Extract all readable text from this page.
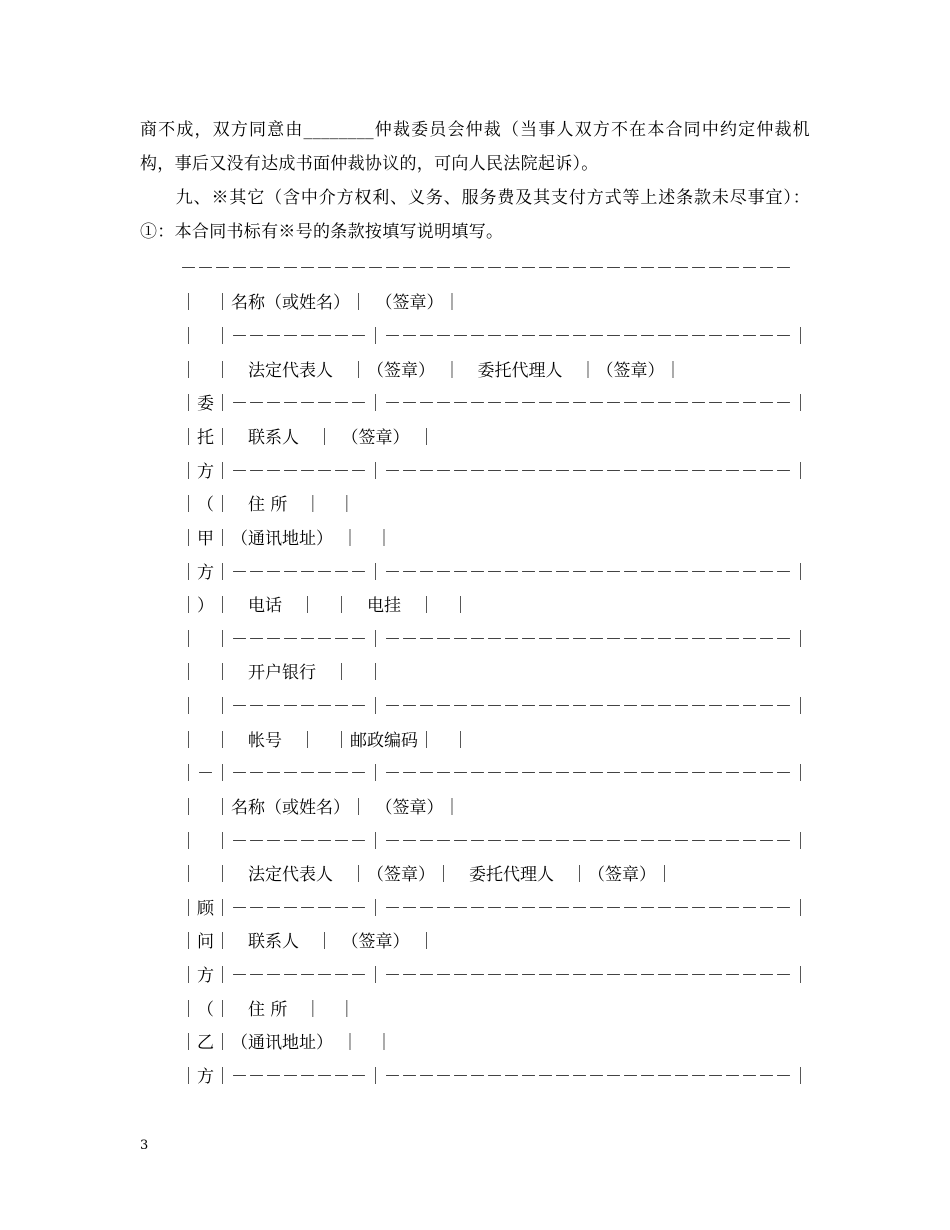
商不成，双方同意由________仲裁委员会仲裁（当事人双方不在本合同中约定仲裁机构，事后又没有达成书面仲裁协议的，可向人民法院起诉）。

　　九、※其它（含中介方权利、义务、服务费及其支付方式等上述条款未尽事宜）：①：本合同书标有※号的条款按填写说明填写。

－－－－－－－－－－－－－－－－－－－－－－－－－－－－－－－－－－－－
｜　｜名称（或姓名）｜　（签章）｜
｜　｜－－－－－－－－｜－－－－－－－－－－－－－－－－－－－－－－－－｜
｜　｜　法定代表人　｜（签章）　｜　委托代理人　｜（签章）｜
｜委｜－－－－－－－－｜－－－－－－－－－－－－－－－－－－－－－－－－｜
｜托｜　联系人　｜　（签章）　｜
｜方｜－－－－－－－－｜－－－－－－－－－－－－－－－－－－－－－－－－｜
｜（｜　住 所　｜　｜
｜甲｜（通讯地址）　｜　｜
｜方｜－－－－－－－－｜－－－－－－－－－－－－－－－－－－－－－－－－｜
｜）｜　电话　｜　｜　电挂　｜　｜
｜　｜－－－－－－－－｜－－－－－－－－－－－－－－－－－－－－－－－－｜
｜　｜　开户银行　｜　｜
｜　｜－－－－－－－－｜－－－－－－－－－－－－－－－－－－－－－－－－｜
｜　｜　帐号　｜　｜邮政编码｜　｜
｜－｜－－－－－－－－｜－－－－－－－－－－－－－－－－－－－－－－－－｜
｜　｜名称（或姓名）｜　（签章）｜
｜　｜－－－－－－－－｜－－－－－－－－－－－－－－－－－－－－－－－－｜
｜　｜　法定代表人　｜（签章）｜　委托代理人　｜（签章）｜
｜顾｜－－－－－－－－｜－－－－－－－－－－－－－－－－－－－－－－－－｜
｜问｜　联系人　｜　（签章）　｜
｜方｜－－－－－－－－｜－－－－－－－－－－－－－－－－－－－－－－－－｜
｜（｜　住 所　｜　｜
｜乙｜（通讯地址）　｜　｜
｜方｜－－－－－－－－｜－－－－－－－－－－－－－－－－－－－－－－－－｜
3
